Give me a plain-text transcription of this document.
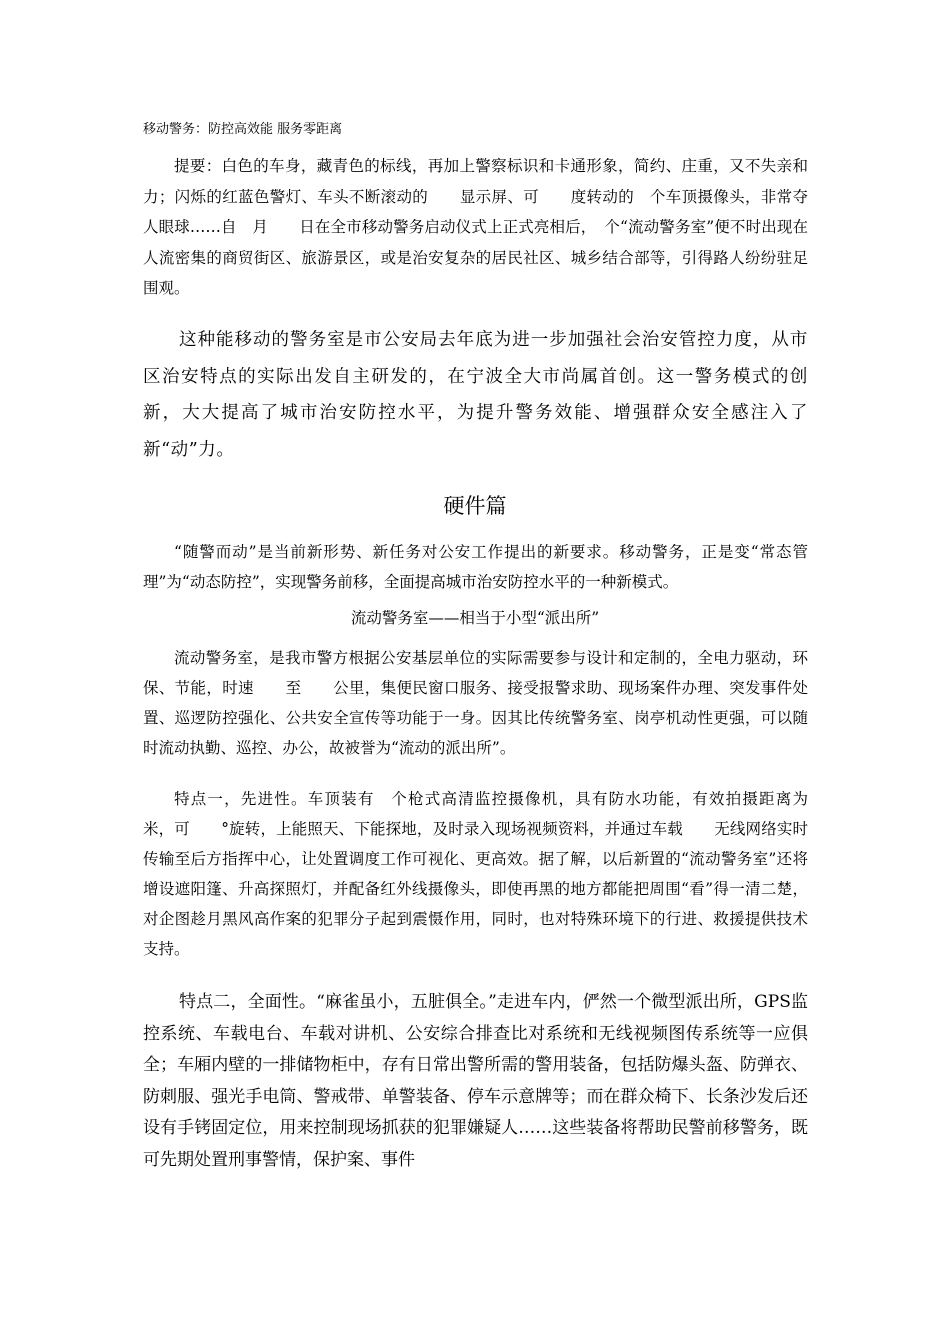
移动警务：防控高效能 服务零距离

提要：白色的车身，藏青色的标线，再加上警察标识和卡通形象，简约、庄重，又不失亲和力；闪烁的红蓝色警灯、车头不断滚动的　　显示屏、可　　度转动的　个车顶摄像头，非常夺人眼球……自　月　　日在全市移动警务启动仪式上正式亮相后，　个“流动警务室”便不时出现在人流密集的商贸街区、旅游景区，或是治安复杂的居民社区、城乡结合部等，引得路人纷纷驻足围观。

这种能移动的警务室是市公安局去年底为进一步加强社会治安管控力度，从市区治安特点的实际出发自主研发的，在宁波全大市尚属首创。这一警务模式的创新，大大提高了城市治安防控水平，为提升警务效能、增强群众安全感注入了新“动”力。

硬件篇

“随警而动”是当前新形势、新任务对公安工作提出的新要求。移动警务，正是变“常态管理”为“动态防控”，实现警务前移，全面提高城市治安防控水平的一种新模式。

流动警务室——相当于小型“派出所”

流动警务室，是我市警方根据公安基层单位的实际需要参与设计和定制的，全电力驱动，环保、节能，时速　　至　　公里，集便民窗口服务、接受报警求助、现场案件办理、突发事件处置、巡逻防控强化、公共安全宣传等功能于一身。因其比传统警务室、岗亭机动性更强，可以随时流动执勤、巡控、办公，故被誉为“流动的派出所”。

特点一，先进性。车顶装有　个枪式高清监控摄像机，具有防水功能，有效拍摄距离为　米，可　　°旋转，上能照天、下能探地，及时录入现场视频资料，并通过车载　　无线网络实时传输至后方指挥中心，让处置调度工作可视化、更高效。据了解，以后新置的“流动警务室”还将增设遮阳篷、升高探照灯，并配备红外线摄像头，即使再黑的地方都能把周围“看”得一清二楚，对企图趁月黑风高作案的犯罪分子起到震慑作用，同时，也对特殊环境下的行进、救援提供技术支持。

特点二，全面性。“麻雀虽小，五脏俱全。”走进车内，俨然一个微型派出所，GPS监控系统、车载电台、车载对讲机、公安综合排查比对系统和无线视频图传系统等一应俱全；车厢内壁的一排储物柜中，存有日常出警所需的警用装备，包括防爆头盔、防弹衣、防刺服、强光手电筒、警戒带、单警装备、停车示意牌等；而在群众椅下、长条沙发后还设有手铐固定位，用来控制现场抓获的犯罪嫌疑人……这些装备将帮助民警前移警务，既可先期处置刑事警情，保护案、事件
